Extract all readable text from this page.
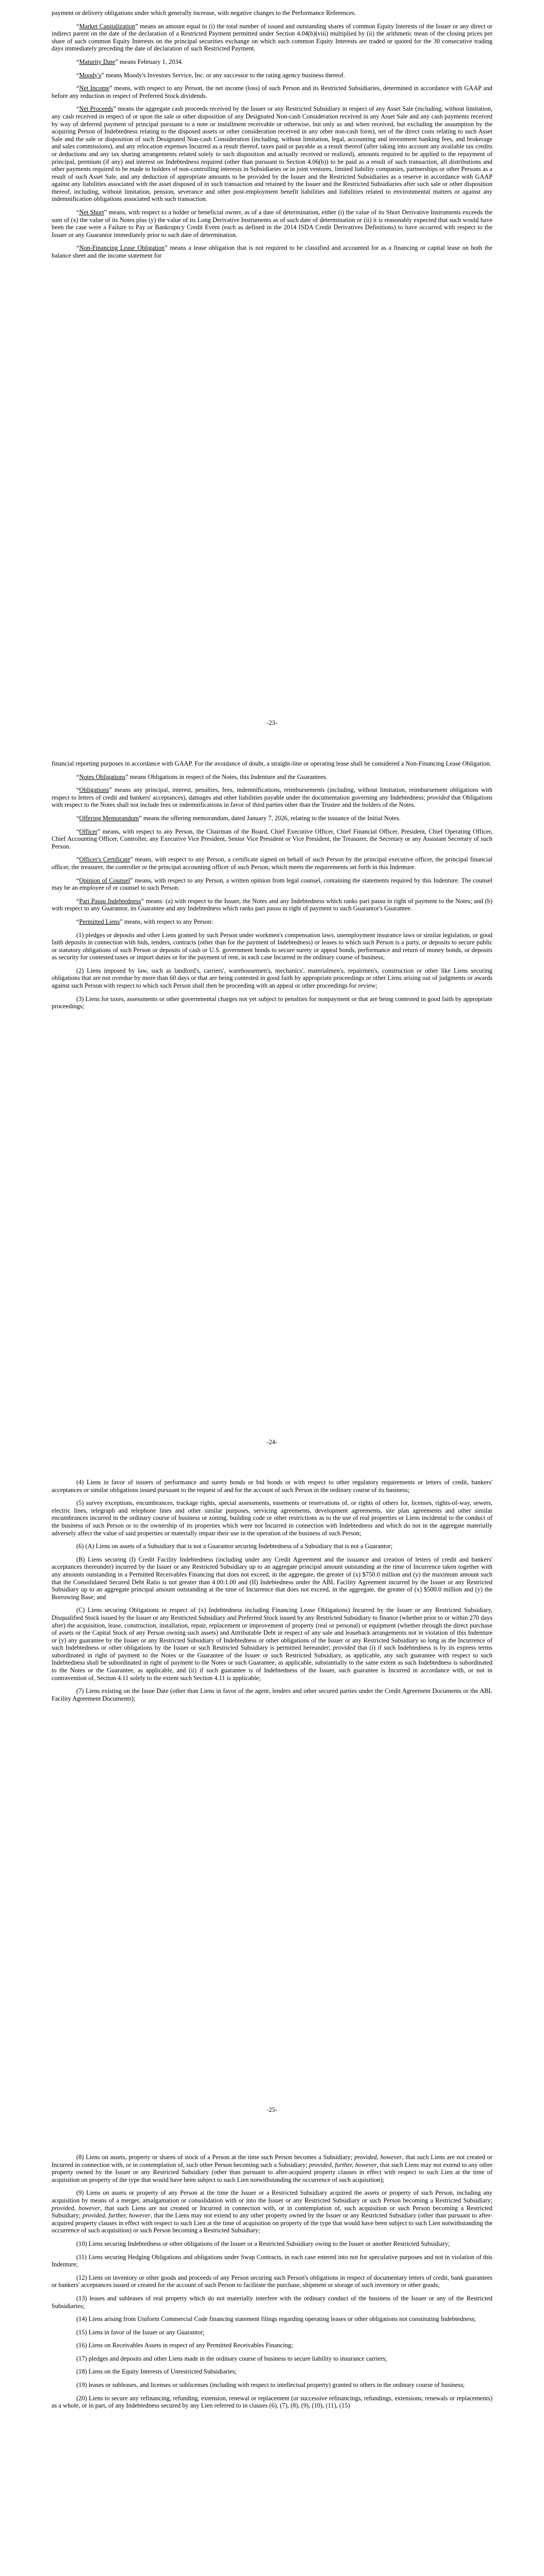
payment or delivery obligations under which generally increase, with negative changes to the Performance References.

“Market Capitalization” means an amount equal to (i) the total number of issued and outstanding shares of common Equity Interests of the Issuer or any direct or indirect parent on the date of the declaration of a Restricted Payment permitted under Section 4.04(b)(viii) multiplied by (ii) the arithmetic mean of the closing prices per share of such common Equity Interests on the principal securities exchange on which such common Equity Interests are traded or quoted for the 30 consecutive trading days immediately preceding the date of declaration of such Restricted Payment.

“Maturity Date” means February 1, 2034.

“Moody's” means Moody's Investors Service, Inc. or any successor to the rating agency business thereof.

“Net Income” means, with respect to any Person, the net income (loss) of such Person and its Restricted Subsidiaries, determined in accordance with GAAP and before any reduction in respect of Preferred Stock dividends.

“Net Proceeds” means the aggregate cash proceeds received by the Issuer or any Restricted Subsidiary in respect of any Asset Sale (including, without limitation, any cash received in respect of or upon the sale or other disposition of any Designated Non-cash Consideration received in any Asset Sale and any cash payments received by way of deferred payment of principal pursuant to a note or installment receivable or otherwise, but only as and when received, but excluding the assumption by the acquiring Person of Indebtedness relating to the disposed assets or other consideration received in any other non-cash form), net of the direct costs relating to such Asset Sale and the sale or disposition of such Designated Non-cash Consideration (including, without limitation, legal, accounting and investment banking fees, and brokerage and sales commissions), and any relocation expenses Incurred as a result thereof, taxes paid or payable as a result thereof (after taking into account any available tax credits or deductions and any tax sharing arrangements related solely to such disposition and actually received or realized), amounts required to be applied to the repayment of principal, premium (if any) and interest on Indebtedness required (other than pursuant to Section 4.06(b)) to be paid as a result of such transaction, all distributions and other payments required to be made to holders of non-controlling interests in Subsidiaries or in joint ventures, limited liability companies, partnerships or other Persons as a result of such Asset Sale, and any deduction of appropriate amounts to be provided by the Issuer and the Restricted Subsidiaries as a reserve in accordance with GAAP against any liabilities associated with the asset disposed of in such transaction and retained by the Issuer and the Restricted Subsidiaries after such sale or other disposition thereof, including, without limitation, pension, severance and other post-employment benefit liabilities and liabilities related to environmental matters or against any indemnification obligations associated with such transaction.

“Net Short” means, with respect to a holder or beneficial owner, as of a date of determination, either (i) the value of its Short Derivative Instruments exceeds the sum of (x) the value of its Notes plus (y) the value of its Long Derivative Instruments as of such date of determination or (ii) it is reasonably expected that such would have been the case were a Failure to Pay or Bankruptcy Credit Event (each as defined in the 2014 ISDA Credit Derivatives Definitions) to have occurred with respect to the Issuer or any Guarantor immediately prior to such date of determination.

“Non-Financing Lease Obligation” means a lease obligation that is not required to be classified and accounted for as a financing or capital lease on both the balance sheet and the income statement for

-23-

financial reporting purposes in accordance with GAAP. For the avoidance of doubt, a straight-line or operating lease shall be considered a Non-Financing Lease Obligation.

“Notes Obligations” means Obligations in respect of the Notes, this Indenture and the Guarantees.

“Obligations” means any principal, interest, penalties, fees, indemnifications, reimbursements (including, without limitation, reimbursement obligations with respect to letters of credit and bankers' acceptances), damages and other liabilities payable under the documentation governing any Indebtedness; provided that Obligations with respect to the Notes shall not include fees or indemnifications in favor of third parties other than the Trustee and the holders of the Notes.

“Offering Memorandum” means the offering memorandum, dated January 7, 2026, relating to the issuance of the Initial Notes.

“Officer” means, with respect to any Person, the Chairman of the Board, Chief Executive Officer, Chief Financial Officer, President, Chief Operating Officer, Chief Accounting Officer, Controller, any Executive Vice President, Senior Vice President or Vice President, the Treasurer, the Secretary or any Assistant Secretary of such Person.

“Officer's Certificate” means, with respect to any Person, a certificate signed on behalf of such Person by the principal executive officer, the principal financial officer, the treasurer, the controller or the principal accounting officer of such Person, which meets the requirements set forth in this Indenture.

“Opinion of Counsel” means, with respect to any Person, a written opinion from legal counsel, containing the statements required by this Indenture. The counsel may be an employee of or counsel to such Person.

“Pari Passu Indebtedness” means: (a) with respect to the Issuer, the Notes and any Indebtedness which ranks pari passu in right of payment to the Notes; and (b) with respect to any Guarantor, its Guarantee and any Indebtedness which ranks pari passu in right of payment to such Guarantor's Guarantee.

“Permitted Liens” means, with respect to any Person:

(1) pledges or deposits and other Liens granted by such Person under workmen's compensation laws, unemployment insurance laws or similar legislation, or good faith deposits in connection with bids, tenders, contracts (other than for the payment of Indebtedness) or leases to which such Person is a party, or deposits to secure public or statutory obligations of such Person or deposits of cash or U.S. government bonds to secure surety or appeal bonds, performance and return of money bonds, or deposits as security for contested taxes or import duties or for the payment of rent, in each case Incurred in the ordinary course of business;

(2) Liens imposed by law, such as landlord's, carriers', warehousemen's, mechanics', materialmen's, repairmen's, construction or other like Liens securing obligations that are not overdue by more than 60 days or that are being contested in good faith by appropriate proceedings or other Liens arising out of judgments or awards against such Person with respect to which such Person shall then be proceeding with an appeal or other proceedings for review;

(3) Liens for taxes, assessments or other governmental charges not yet subject to penalties for nonpayment or that are being contested in good faith by appropriate proceedings;

-24-

(4) Liens in favor of issuers of performance and surety bonds or bid bonds or with respect to other regulatory requirements or letters of credit, bankers' acceptances or similar obligations issued pursuant to the request of and for the account of such Person in the ordinary course of its business;

(5) survey exceptions, encumbrances, trackage rights, special assessments, easements or reservations of, or rights of others for, licenses, rights-of-way, sewers, electric lines, telegraph and telephone lines and other similar purposes, servicing agreements, development agreements, site plan agreements and other similar encumbrances incurred in the ordinary course of business or zoning, building code or other restrictions as to the use of real properties or Liens incidental to the conduct of the business of such Person or to the ownership of its properties which were not Incurred in connection with Indebtedness and which do not in the aggregate materially adversely affect the value of said properties or materially impair their use in the operation of the business of such Person;

(6) (A) Liens on assets of a Subsidiary that is not a Guarantor securing Indebtedness of a Subsidiary that is not a Guarantor;

(B) Liens securing (I) Credit Facility Indebtedness (including under any Credit Agreement and the issuance and creation of letters of credit and bankers' acceptances thereunder) incurred by the Issuer or any Restricted Subsidiary up to an aggregate principal amount outstanding at the time of Incurrence taken together with any amounts outstanding in a Permitted Receivables Financing that does not exceed, in the aggregate, the greater of (x) $750.0 million and (y) the maximum amount such that the Consolidated Secured Debt Ratio is not greater than 4.00:1.00 and (II) Indebtedness under the ABL Facility Agreement incurred by the Issuer or any Restricted Subsidiary up to an aggregate principal amount outstanding at the time of Incurrence that does not exceed, in the aggregate, the greater of (x) $500.0 million and (y) the Borrowing Base; and

(C) Liens securing Obligations in respect of (x) Indebtedness including Financing Lease Obligations) Incurred by the Issuer or any Restricted Subsidiary, Disqualified Stock issued by the Issuer or any Restricted Subsidiary and Preferred Stock issued by any Restricted Subsidiary to finance (whether prior to or within 270 days after) the acquisition, lease, construction, installation, repair, replacement or improvement of property (real or personal) or equipment (whether through the direct purchase of assets or the Capital Stock of any Person owning such assets) and Attributable Debt in respect of any sale and leaseback arrangements not in violation of this Indenture or (y) any guarantee by the Issuer or any Restricted Subsidiary of Indebtedness or other obligations of the Issuer or any Restricted Subsidiary so long as the Incurrence of such Indebtedness or other obligations by the Issuer or such Restricted Subsidiary is permitted hereunder; provided that (i) if such Indebtedness is by its express terms subordinated in right of payment to the Notes or the Guarantee of the Issuer or such Restricted Subsidiary, as applicable, any such guarantee with respect to such Indebtedness shall be subordinated in right of payment to the Notes or such Guarantee, as applicable, substantially to the same extent as such Indebtedness is subordinated to the Notes or the Guarantee, as applicable, and (ii) if such guarantee is of Indebtedness of the Issuer, such guarantee is Incurred in accordance with, or not in contravention of, Section 4.11 solely to the extent such Section 4.11 is applicable;

(7) Liens existing on the Issue Date (other than Liens in favor of the agent, lenders and other secured parties under the Credit Agreement Documents or the ABL Facility Agreement Documents);

-25-

(8) Liens on assets, property or shares of stock of a Person at the time such Person becomes a Subsidiary; provided, however, that such Liens are not created or Incurred in connection with, or in contemplation of, such other Person becoming such a Subsidiary; provided, further, however, that such Liens may not extend to any other property owned by the Issuer or any Restricted Subsidiary (other than pursuant to after-acquired property clauses in effect with respect to such Lien at the time of acquisition on property of the type that would have been subject to such Lien notwithstanding the occurrence of such acquisition);

(9) Liens on assets or property of any Person at the time the Issuer or a Restricted Subsidiary acquired the assets or property of such Person, including any acquisition by means of a merger, amalgamation or consolidation with or into the Issuer or any Restricted Subsidiary or such Person becoming a Restricted Subsidiary; provided, however, that such Liens are not created or Incurred in connection with, or in contemplation of, such acquisition or such Person becoming a Restricted Subsidiary; provided, further, however, that the Liens may not extend to any other property owned by the Issuer or any Restricted Subsidiary (other than pursuant to after-acquired property clauses in effect with respect to such Lien at the time of acquisition on property of the type that would have been subject to such Lien notwithstanding the occurrence of such acquisition) or such Person becoming a Restricted Subsidiary;

(10) Liens securing Indebtedness or other obligations of the Issuer or a Restricted Subsidiary owing to the Issuer or another Restricted Subsidiary;

(11) Liens securing Hedging Obligations and obligations under Swap Contracts, in each case entered into not for speculative purposes and not in violation of this Indenture;

(12) Liens on inventory or other goods and proceeds of any Person securing such Person's obligations in respect of documentary letters of credit, bank guarantees or bankers' acceptances issued or created for the account of such Person to facilitate the purchase, shipment or storage of such inventory or other goods;

(13) leases and subleases of real property which do not materially interfere with the ordinary conduct of the business of the Issuer or any of the Restricted Subsidiaries;

(14) Liens arising from Uniform Commercial Code financing statement filings regarding operating leases or other obligations not constituting Indebtedness;

(15) Liens in favor of the Issuer or any Guarantor;

(16) Liens on Receivables Assets in respect of any Permitted Receivables Financing;

(17) pledges and deposits and other Liens made in the ordinary course of business to secure liability to insurance carriers;

(18) Liens on the Equity Interests of Unrestricted Subsidiaries;

(19) leases or subleases, and licenses or sublicenses (including with respect to intellectual property) granted to others in the ordinary course of business;

(20) Liens to secure any refinancing, refunding, extension, renewal or replacement (or successive refinancings, refundings, extensions, renewals or replacements) as a whole, or in part, of any Indebtedness secured by any Lien referred to in clauses (6), (7), (8), (9), (10), (11), (15)
